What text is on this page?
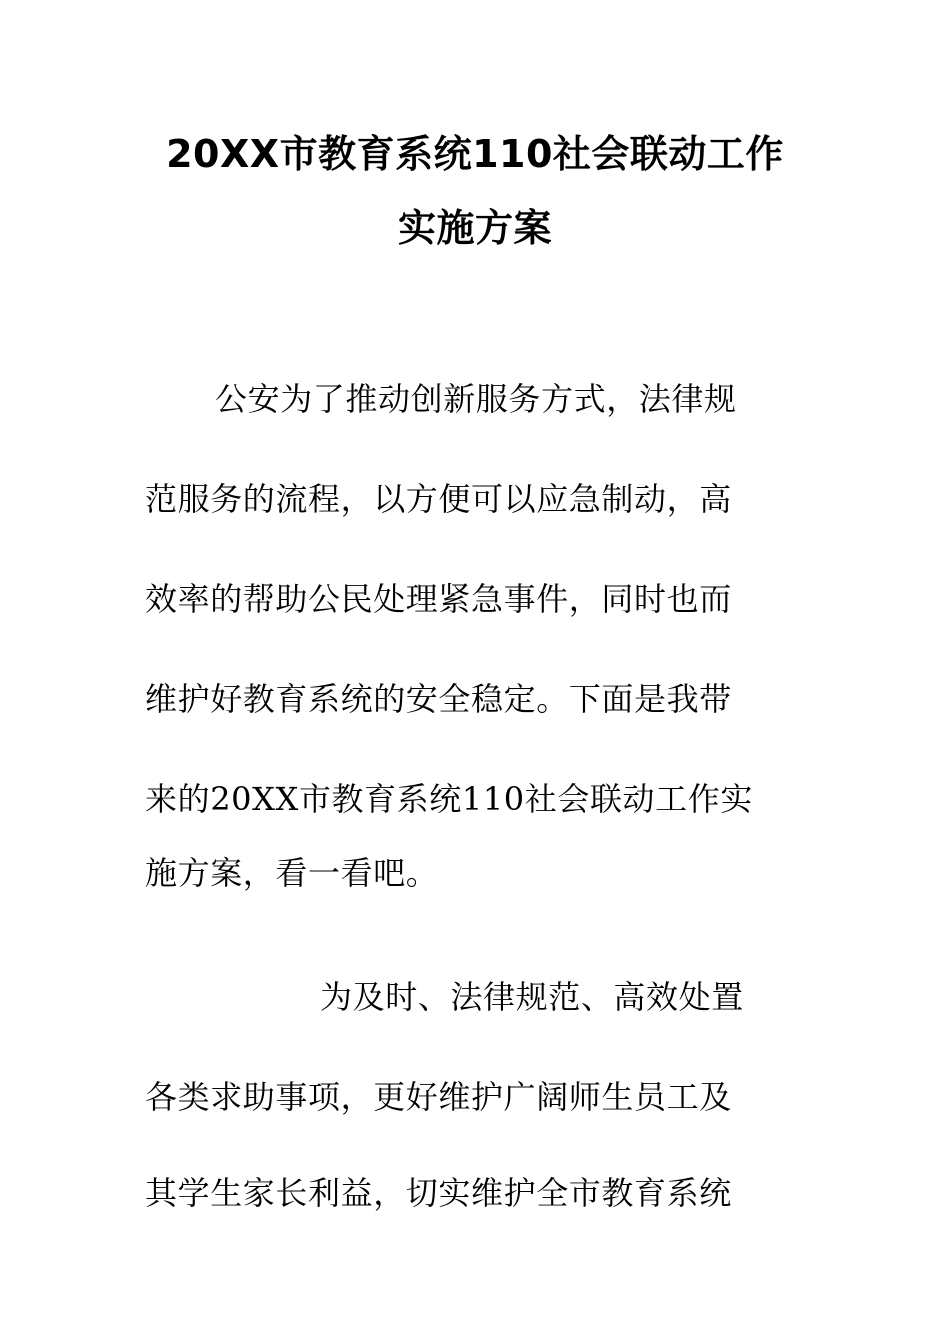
20XX市教育系统110社会联动工作
实施方案
公安为了推动创新服务方式，法律规
范服务的流程，以方便可以应急制动，高
效率的帮助公民处理紧急事件，同时也而
维护好教育系统的安全稳定。下面是我带
来的20XX市教育系统110社会联动工作实
施方案，看一看吧。
为及时、法律规范、高效处置
各类求助事项，更好维护广阔师生员工及
其学生家长利益，切实维护全市教育系统
